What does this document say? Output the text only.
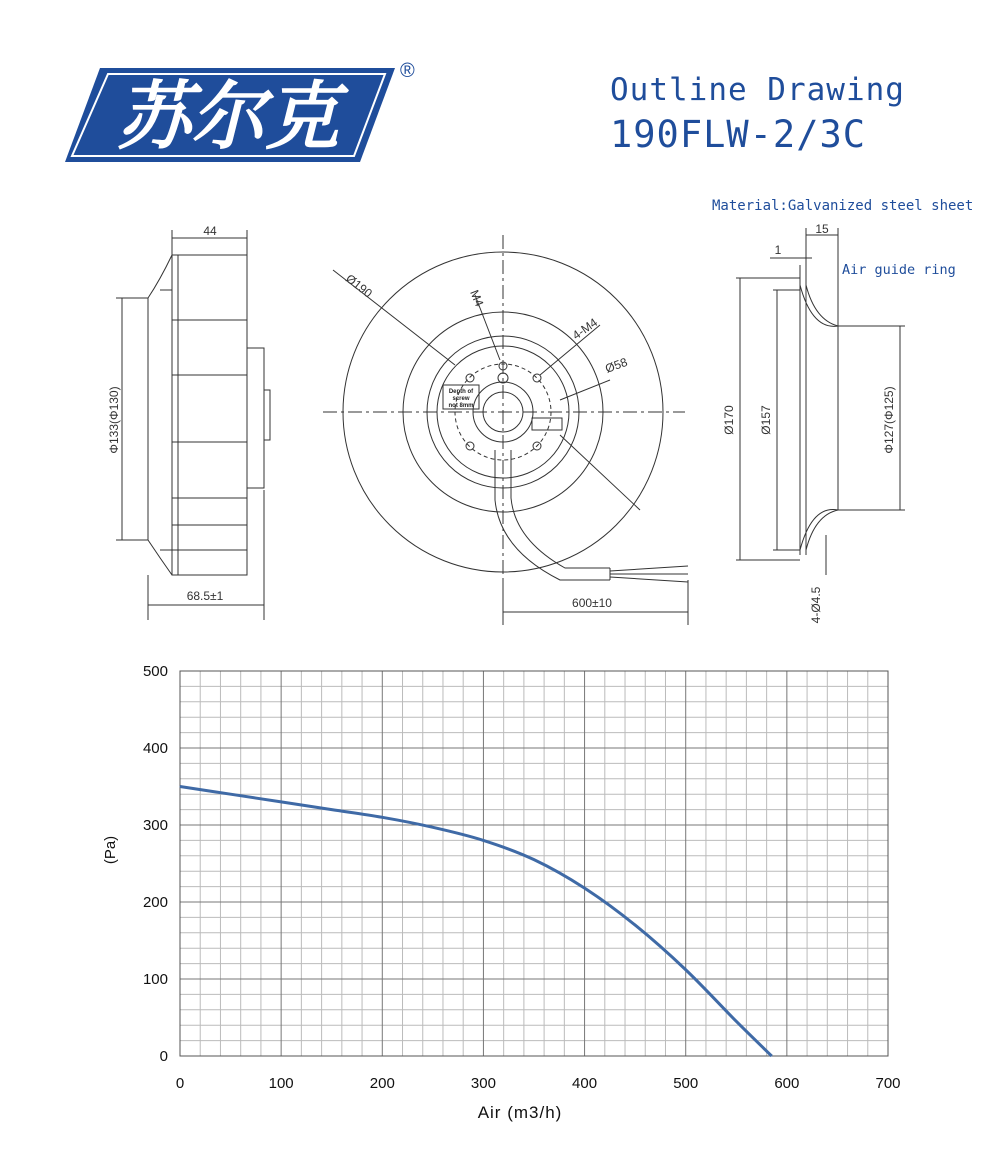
苏尔克
®
Outline Drawing
190FLW-2/3C
Material:Galvanized steel sheet
Air guide ring
44
Φ133(Φ130)
68.5±1
Ø190	M4
4-M4
Ø58
Depth of
screw
not 8mm
600±10
15
1
Ø170 Ø157	Φ127(Φ125)
4-Ø4.5
0	100	200	300	400	500	600	700
0
100
200
300
400
500
(Pa)
Air (m3/h)
